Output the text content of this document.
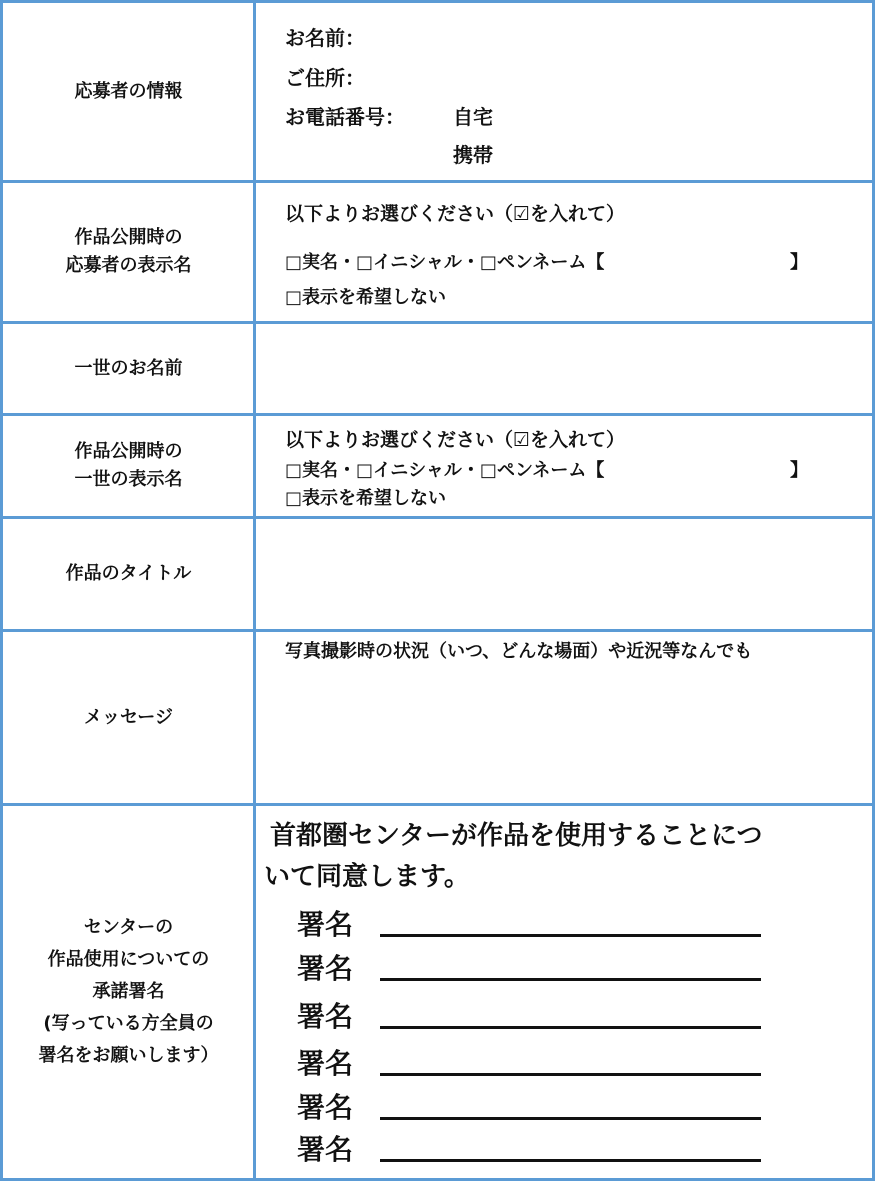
応募者の情報
お名前：
ご住所：
お電話番号： 自宅
携帯
作品公開時の
応募者の表示名
以下よりお選びください（☑を入れて）
□実名・□イニシャル・□ペンネーム【	】
□表示を希望しない
一世のお名前
作品公開時の
一世の表示名
以下よりお選びください（☑を入れて）
□実名・□イニシャル・□ペンネーム【	】
□表示を希望しない
作品のタイトル
メッセージ
写真撮影時の状況（いつ、どんな場面）や近況等なんでも
センターの
作品使用についての
承諾署名
(写っている方全員の
署名をお願いします）
首都圏センターが作品を使用することにつ
いて同意します。
署名
署名
署名
署名
署名
署名
